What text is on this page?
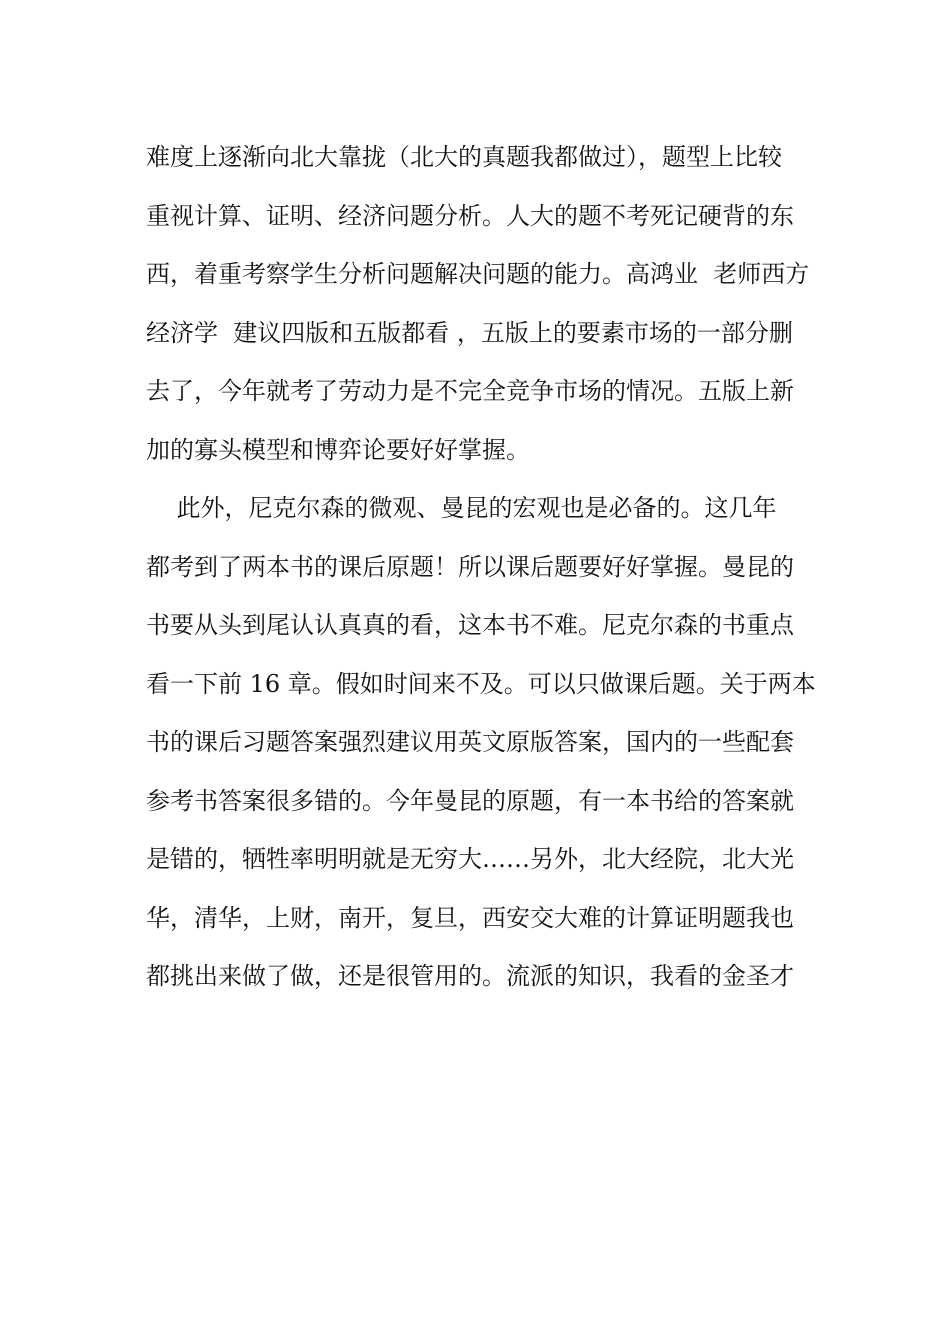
难度上逐渐向北大靠拢（北大的真题我都做过），题型上比较
重视计算、证明、经济问题分析。人大的题不考死记硬背的东
西，着重考察学生分析问题解决问题的能力。高鸿业  老师西方
经济学  建议四版和五版都看 ，五版上的要素市场的一部分删
去了，今年就考了劳动力是不完全竞争市场的情况。五版上新
加的寡头模型和博弈论要好好掌握。
此外，尼克尔森的微观、曼昆的宏观也是必备的。这几年
都考到了两本书的课后原题！所以课后题要好好掌握。曼昆的
书要从头到尾认认真真的看，这本书不难。尼克尔森的书重点
看一下前 16 章。假如时间来不及。可以只做课后题。关于两本
书的课后习题答案强烈建议用英文原版答案，国内的一些配套
参考书答案很多错的。今年曼昆的原题，有一本书给的答案就
是错的，牺牲率明明就是无穷大……另外，北大经院，北大光
华，清华，上财，南开，复旦，西安交大难的计算证明题我也
都挑出来做了做，还是很管用的。流派的知识，我看的金圣才
